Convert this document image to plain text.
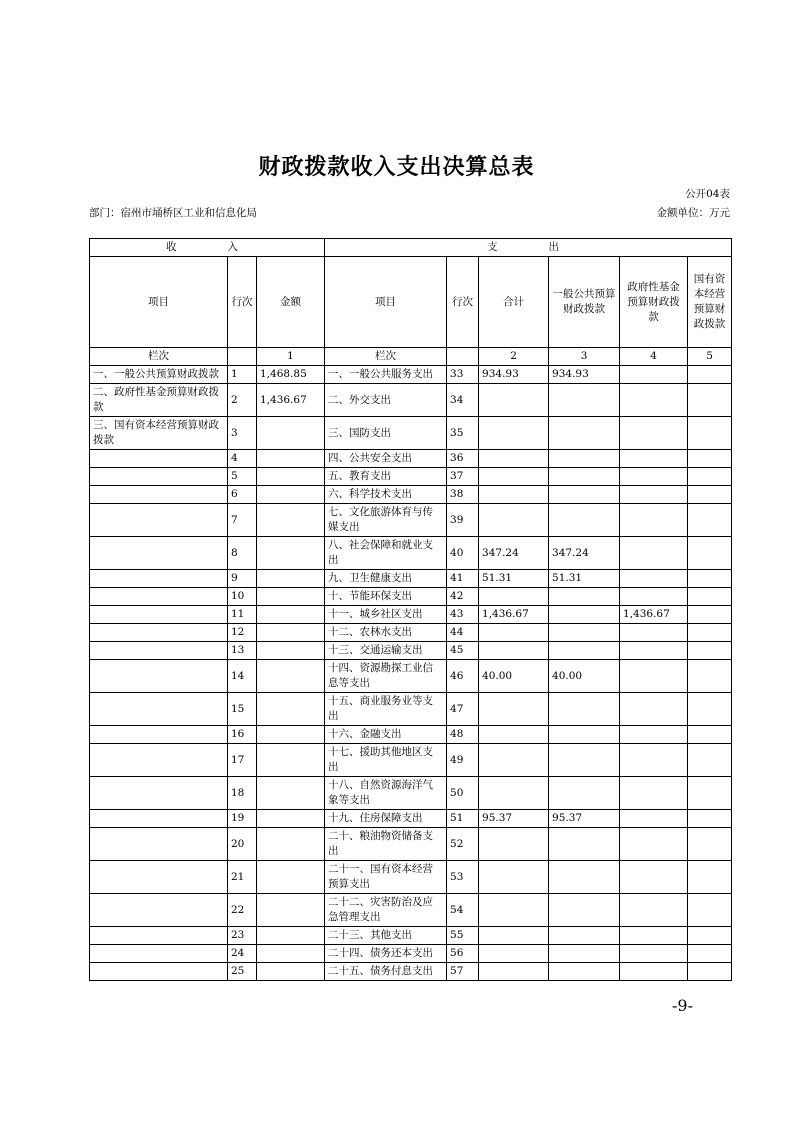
财政拨款收入支出决算总表
公开04表
部门：宿州市埇桥区工业和信息化局	金额单位：万元
收　　入			支　　出					
项目	行次	金额	项目	行次	合计	一般公共预算财政拨款	政府性基金预算财政拨款	国有资本经营预算财政拨款
栏次		1	栏次		2	3	4	5
一、一般公共预算财政拨款	1	1,468.85	一、一般公共服务支出	33	934.93	934.93		
二、政府性基金预算财政拨款	2	1,436.67	二、外交支出	34				
三、国有资本经营预算财政拨款	3		三、国防支出	35				
	4		四、公共安全支出	36				
	5		五、教育支出	37				
	6		六、科学技术支出	38				
	7		七、文化旅游体育与传媒支出	39				
	8		八、社会保障和就业支出	40	347.24	347.24		
	9		九、卫生健康支出	41	51.31	51.31		
	10		十、节能环保支出	42				
	11		十一、城乡社区支出	43	1,436.67		1,436.67	
	12		十二、农林水支出	44				
	13		十三、交通运输支出	45				
	14		十四、资源勘探工业信息等支出	46	40.00	40.00		
	15		十五、商业服务业等支出	47				
	16		十六、金融支出	48				
	17		十七、援助其他地区支出	49				
	18		十八、自然资源海洋气象等支出	50				
	19		十九、住房保障支出	51	95.37	95.37		
	20		二十、粮油物资储备支出	52				
	21		二十一、国有资本经营预算支出	53				
	22		二十二、灾害防治及应急管理支出	54				
	23		二十三、其他支出	55				
	24		二十四、债务还本支出	56				
	25		二十五、债务付息支出	57				
-9-
